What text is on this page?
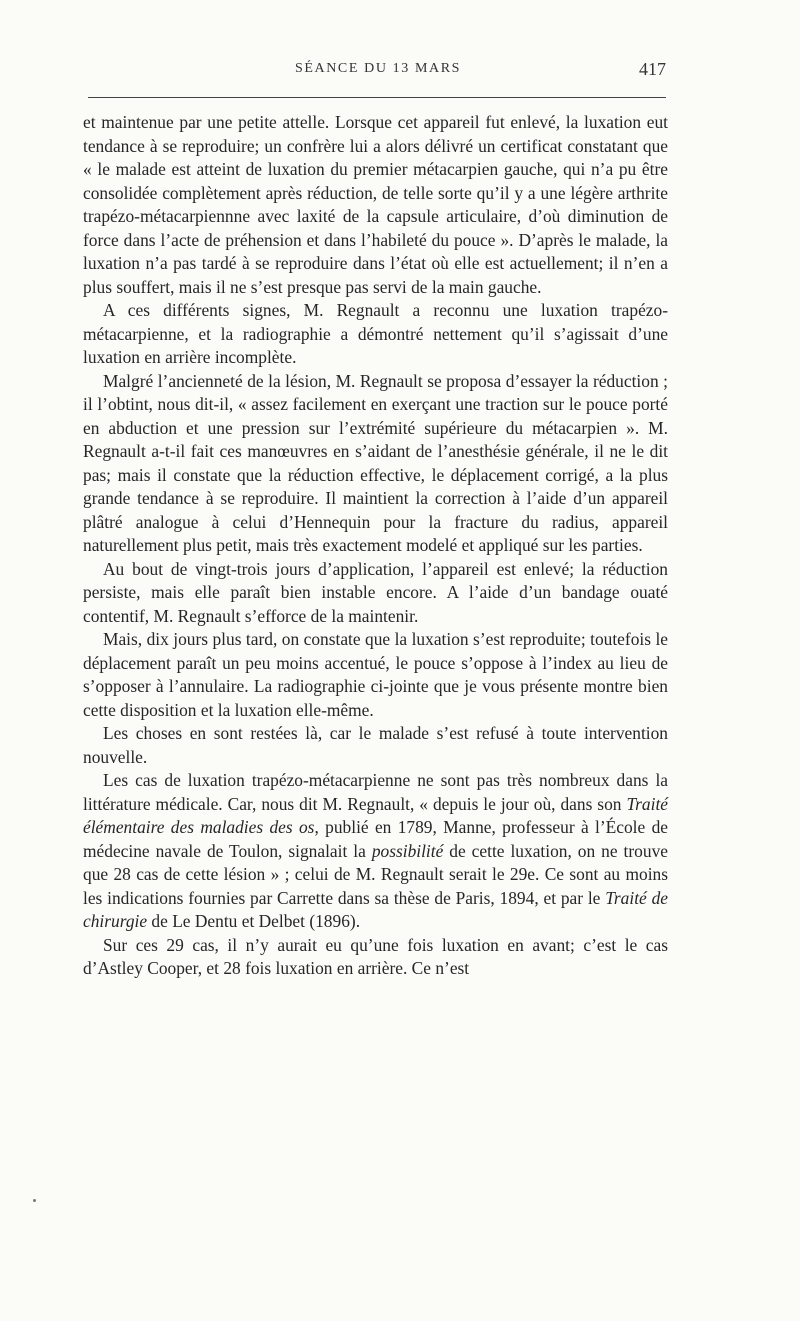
SÉANCE DU 13 MARS	417

et maintenue par une petite attelle. Lorsque cet appareil fut enlevé, la luxation eut tendance à se reproduire; un confrère lui a alors délivré un certificat constatant que « le malade est atteint de luxation du premier métacarpien gauche, qui n’a pu être consolidée complètement après réduction, de telle sorte qu’il y a une légère arthrite trapézo-métacarpiennne avec laxité de la capsule articulaire, d’où diminution de force dans l’acte de préhension et dans l’habileté du pouce ». D’après le malade, la luxation n’a pas tardé à se reproduire dans l’état où elle est actuellement; il n’en a plus souffert, mais il ne s’est presque pas servi de la main gauche.

A ces différents signes, M. Regnault a reconnu une luxation trapézo-métacarpienne, et la radiographie a démontré nettement qu’il s’agissait d’une luxation en arrière incomplète.

Malgré l’ancienneté de la lésion, M. Regnault se proposa d’essayer la réduction ; il l’obtint, nous dit-il, « assez facilement en exerçant une traction sur le pouce porté en abduction et une pression sur l’extrémité supérieure du métacarpien ». M. Regnault a-t-il fait ces manœuvres en s’aidant de l’anesthésie générale, il ne le dit pas; mais il constate que la réduction effective, le déplacement corrigé, a la plus grande tendance à se reproduire. Il maintient la correction à l’aide d’un appareil plâtré analogue à celui d’Hennequin pour la fracture du radius, appareil naturellement plus petit, mais très exactement modelé et appliqué sur les parties.

Au bout de vingt-trois jours d’application, l’appareil est enlevé; la réduction persiste, mais elle paraît bien instable encore. A l’aide d’un bandage ouaté contentif, M. Regnault s’efforce de la maintenir.

Mais, dix jours plus tard, on constate que la luxation s’est reproduite; toutefois le déplacement paraît un peu moins accentué, le pouce s’oppose à l’index au lieu de s’opposer à l’annulaire. La radiographie ci-jointe que je vous présente montre bien cette disposition et la luxation elle-même.

Les choses en sont restées là, car le malade s’est refusé à toute intervention nouvelle.

Les cas de luxation trapézo-métacarpienne ne sont pas très nombreux dans la littérature médicale. Car, nous dit M. Regnault, « depuis le jour où, dans son Traité élémentaire des maladies des os, publié en 1789, Manne, professeur à l’École de médecine navale de Toulon, signalait la possibilité de cette luxation, on ne trouve que 28 cas de cette lésion » ; celui de M. Regnault serait le 29e. Ce sont au moins les indications fournies par Carrette dans sa thèse de Paris, 1894, et par le Traité de chirurgie de Le Dentu et Delbet (1896).

Sur ces 29 cas, il n’y aurait eu qu’une fois luxation en avant; c’est le cas d’Astley Cooper, et 28 fois luxation en arrière. Ce n’est
